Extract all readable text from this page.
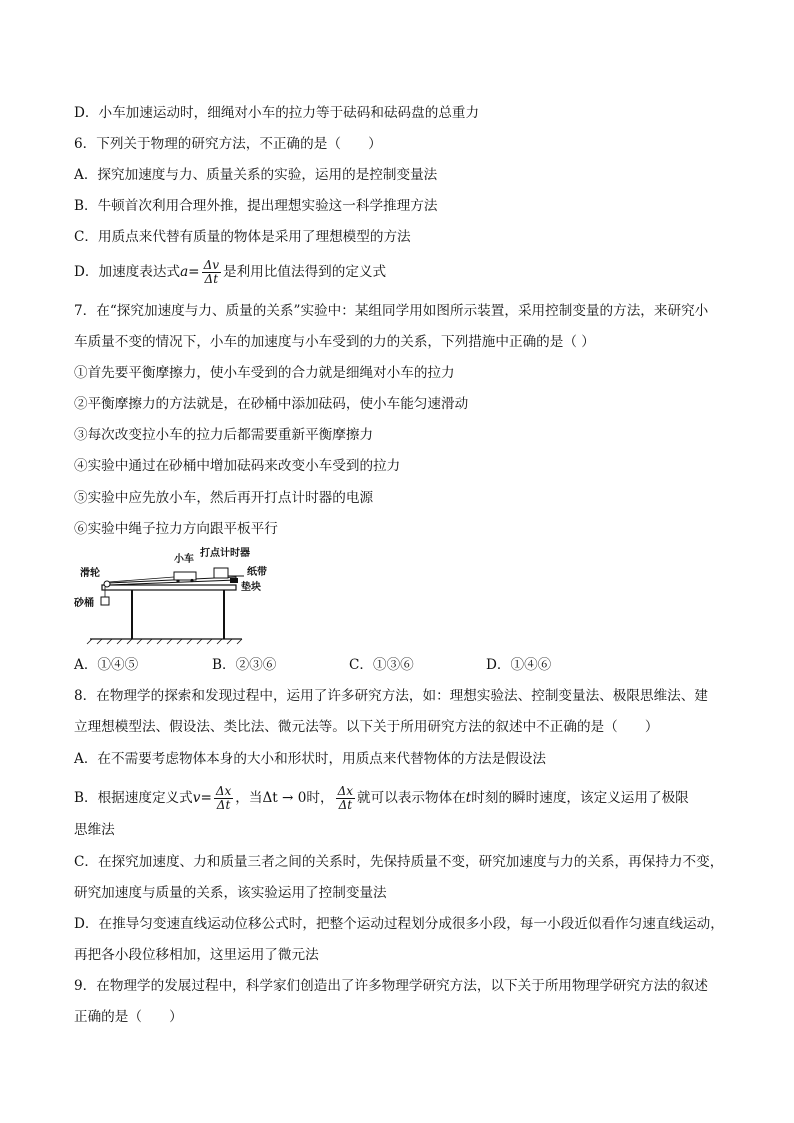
D．小车加速运动时，细绳对小车的拉力等于砝码和砝码盘的总重力
6．下列关于物理的研究方法，不正确的是（　　）
A．探究加速度与力、质量关系的实验，运用的是控制变量法
B．牛顿首次利用合理外推，提出理想实验这一科学推理方法
C．用质点来代替有质量的物体是采用了理想模型的方法
D．加速度表达式$a= \frac{\Delta v}{\Delta t}$ 是利用比值法得到的定义式
7．在“探究加速度与力、质量的关系”实验中：某组同学用如图所示装置，采用控制变量的方法，来研究小
车质量不变的情况下，小车的加速度与小车受到的力的关系，下列措施中正确的是（ ）
①首先要平衡摩擦力，使小车受到的合力就是细绳对小车的拉力
②平衡摩擦力的方法就是，在砂桶中添加砝码，使小车能匀速滑动
③每次改变拉小车的拉力后都需要重新平衡摩擦力
④实验中通过在砂桶中增加砝码来改变小车受到的拉力
⑤实验中应先放小车，然后再开打点计时器的电源
⑥实验中绳子拉力方向跟平板平行
小车
打点计时器
纸带
垫块
滑轮
砂桶
A．①④⑤	B．②③⑥	C．①③⑥	D．①④⑥
8．在物理学的探索和发现过程中，运用了许多研究方法，如：理想实验法、控制变量法、极限思维法、建
立理想模型法、假设法、类比法、微元法等。以下关于所用研究方法的叙述中不正确的是（　　）
A．在不需要考虑物体本身的大小和形状时，用质点来代替物体的方法是假设法
B．根据速度定义式$v= \frac{\Delta x}{\Delta t}$ ，当Δt → 0时， $\frac{\Delta x}{\Delta t}$ 就可以表示物体在t时刻的瞬时速度，该定义运用了极限
思维法
C．在探究加速度、力和质量三者之间的关系时，先保持质量不变，研究加速度与力的关系，再保持力不变，
研究加速度与质量的关系，该实验运用了控制变量法
D．在推导匀变速直线运动位移公式时，把整个运动过程划分成很多小段，每一小段近似看作匀速直线运动，
再把各小段位移相加，这里运用了微元法
9．在物理学的发展过程中，科学家们创造出了许多物理学研究方法，以下关于所用物理学研究方法的叙述
正确的是（　　）
